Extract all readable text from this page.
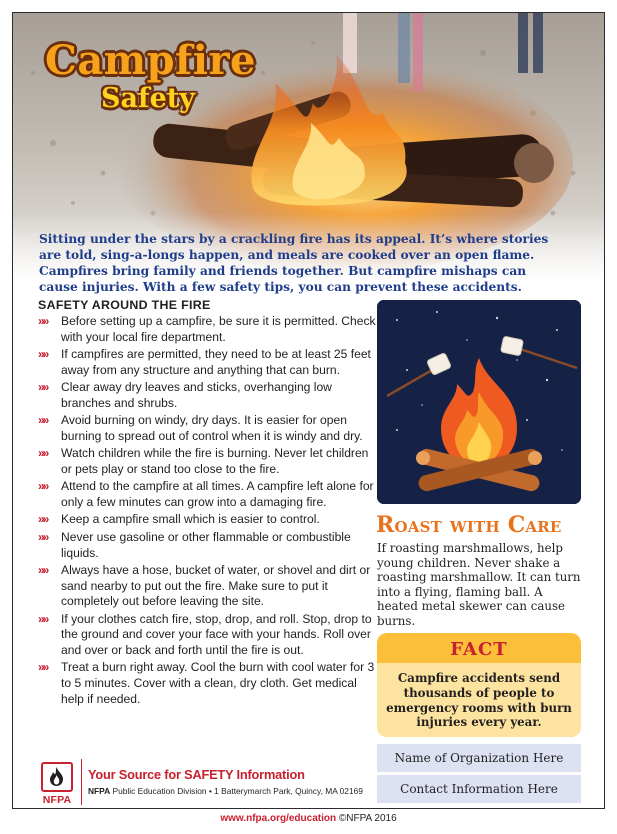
Campfire
Safety

Sitting under the stars by a crackling fire has its appeal. It’s where stories are told, sing-a-longs happen, and meals are cooked over an open flame. Campfires bring family and friends together. But campfire mishaps can cause injuries. With a few safety tips, you can prevent these accidents.

SAFETY AROUND THE FIRE
»» Before setting up a campfire, be sure it is permitted. Check with your local fire department.
»» If campfires are permitted, they need to be at least 25 feet away from any structure and anything that can burn.
»» Clear away dry leaves and sticks, overhanging low branches and shrubs.
»» Avoid burning on windy, dry days. It is easier for open burning to spread out of control when it is windy and dry.
»» Watch children while the fire is burning. Never let children or pets play or stand too close to the fire.
»» Attend to the campfire at all times. A campfire left alone for only a few minutes can grow into a damaging fire.
»» Keep a campfire small which is easier to control.
»» Never use gasoline or other flammable or combustible liquids.
»» Always have a hose, bucket of water, or shovel and dirt or sand nearby to put out the fire. Make sure to put it completely out before leaving the site.
»» If your clothes catch fire, stop, drop, and roll. Stop, drop to the ground and cover your face with your hands. Roll over and over or back and forth until the fire is out.
»» Treat a burn right away. Cool the burn with cool water for 3 to 5 minutes. Cover with a clean, dry cloth. Get medical help if needed.
Roast with Care

If roasting marshmallows, help young children. Never shake a roasting marshmallow. It can turn into a flying, flaming ball. A heated metal skewer can cause burns.

FACT
Campfire accidents send thousands of people to emergency rooms with burn injuries every year.
Name of Organization Here
Contact Information Here
NFPA
Your Source for SAFETY Information
NFPA Public Education Division • 1 Batterymarch Park, Quincy, MA 02169
www.nfpa.org/education ©NFPA 2016
